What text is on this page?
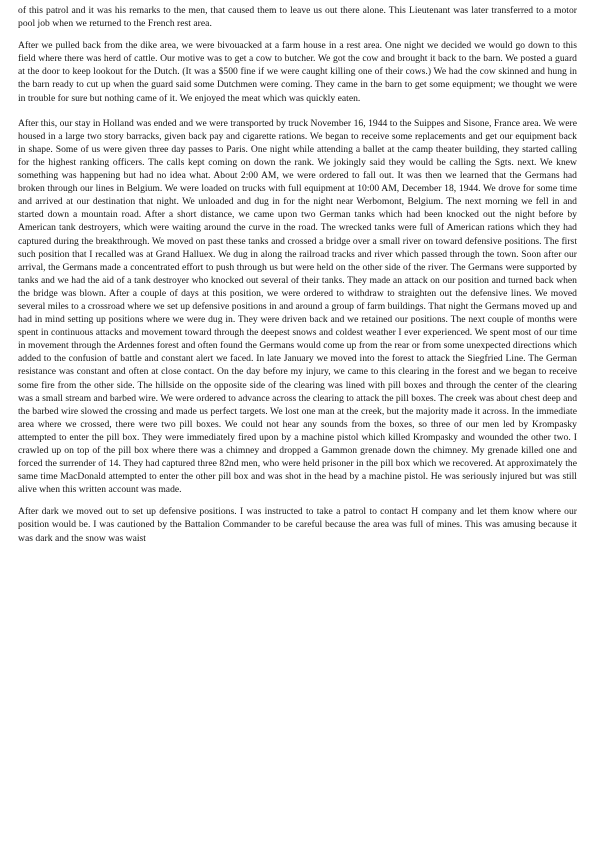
of this patrol and it was his remarks to the men, that caused them to leave us out there alone. This Lieutenant was later transferred to a motor pool job when we returned to the French rest area.

After we pulled back from the dike area, we were bivouacked at a farm house in a rest area. One night we decided we would go down to this field where there was herd of cattle. Our motive was to get a cow to butcher. We got the cow and brought it back to the barn. We posted a guard at the door to keep lookout for the Dutch. (It was a $500 fine if we were caught killing one of their cows.) We had the cow skinned and hung in the barn ready to cut up when the guard said some Dutchmen were coming. They came in the barn to get some equipment; we thought we were in trouble for sure but nothing came of it. We enjoyed the meat which was quickly eaten.

After this, our stay in Holland was ended and we were transported by truck November 16, 1944 to the Suippes and Sisone, France area. We were housed in a large two story barracks, given back pay and cigarette rations. We began to receive some replacements and get our equipment back in shape. Some of us were given three day passes to Paris. One night while attending a ballet at the camp theater building, they started calling for the highest ranking officers. The calls kept coming on down the rank. We jokingly said they would be calling the Sgts. next. We knew something was happening but had no idea what. About 2:00 AM, we were ordered to fall out. It was then we learned that the Germans had broken through our lines in Belgium. We were loaded on trucks with full equipment at 10:00 AM, December 18, 1944. We drove for some time and arrived at our destination that night. We unloaded and dug in for the night near Werbomont, Belgium. The next morning we fell in and started down a mountain road. After a short distance, we came upon two German tanks which had been knocked out the night before by American tank destroyers, which were waiting around the curve in the road. The wrecked tanks were full of American rations which they had captured during the breakthrough. We moved on past these tanks and crossed a bridge over a small river on toward defensive positions. The first such position that I recalled was at Grand Halluex. We dug in along the railroad tracks and river which passed through the town. Soon after our arrival, the Germans made a concentrated effort to push through us but were held on the other side of the river. The Germans were supported by tanks and we had the aid of a tank destroyer who knocked out several of their tanks. They made an attack on our position and turned back when the bridge was blown. After a couple of days at this position, we were ordered to withdraw to straighten out the defensive lines. We moved several miles to a crossroad where we set up defensive positions in and around a group of farm buildings. That night the Germans moved up and had in mind setting up positions where we were dug in. They were driven back and we retained our positions. The next couple of months were spent in continuous attacks and movement toward through the deepest snows and coldest weather I ever experienced. We spent most of our time in movement through the Ardennes forest and often found the Germans would come up from the rear or from some unexpected directions which added to the confusion of battle and constant alert we faced. In late January we moved into the forest to attack the Siegfried Line. The German resistance was constant and often at close contact. On the day before my injury, we came to this clearing in the forest and we began to receive some fire from the other side. The hillside on the opposite side of the clearing was lined with pill boxes and through the center of the clearing was a small stream and barbed wire. We were ordered to advance across the clearing to attack the pill boxes. The creek was about chest deep and the barbed wire slowed the crossing and made us perfect targets. We lost one man at the creek, but the majority made it across. In the immediate area where we crossed, there were two pill boxes. We could not hear any sounds from the boxes, so three of our men led by Krompasky attempted to enter the pill box. They were immediately fired upon by a machine pistol which killed Krompasky and wounded the other two. I crawled up on top of the pill box where there was a chimney and dropped a Gammon grenade down the chimney. My grenade killed one and forced the surrender of 14. They had captured three 82nd men, who were held prisoner in the pill box which we recovered. At approximately the same time MacDonald attempted to enter the other pill box and was shot in the head by a machine pistol. He was seriously injured but was still alive when this written account was made.

After dark we moved out to set up defensive positions. I was instructed to take a patrol to contact H company and let them know where our position would be. I was cautioned by the Battalion Commander to be careful because the area was full of mines. This was amusing because it was dark and the snow was waist
